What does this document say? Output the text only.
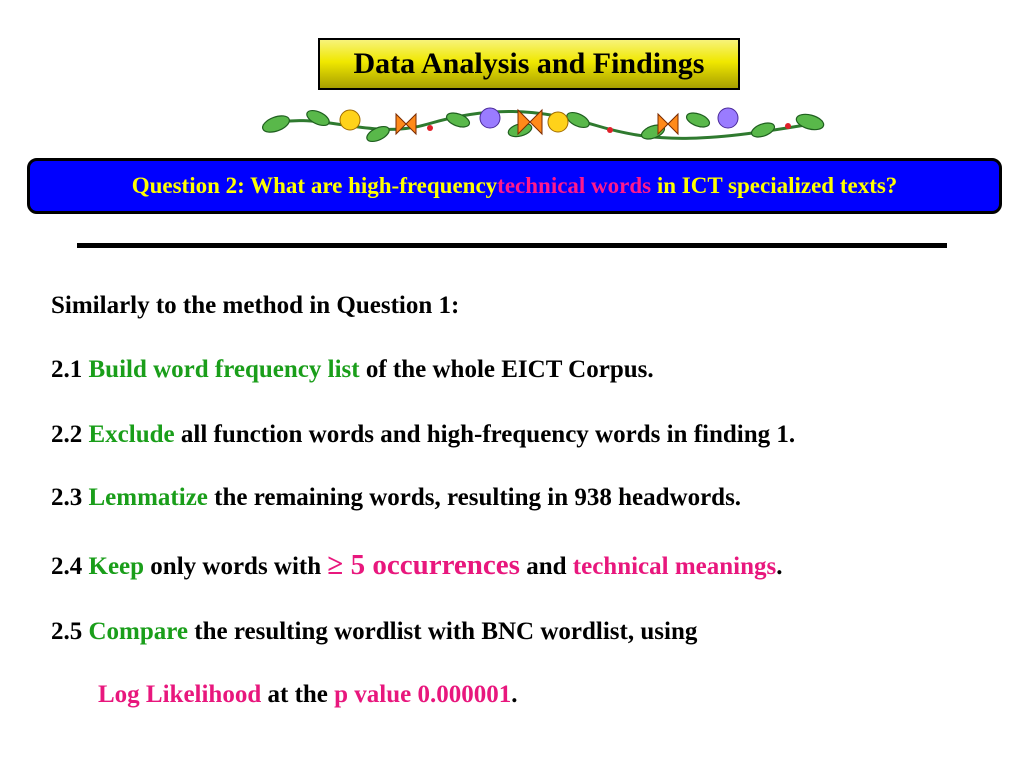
Data Analysis and Findings
Question 2: What are high-frequency technical words in ICT specialized texts?
Similarly to the method in Question 1:
2.1 Build word frequency list of the whole EICT Corpus.
2.2 Exclude all function words and high-frequency words in finding 1.
2.3 Lemmatize the remaining words, resulting in 938 headwords.
2.4 Keep only words with ≥ 5 occurrences and technical meanings.
2.5 Compare the resulting wordlist with BNC wordlist, using
Log Likelihood at the p value 0.000001.
